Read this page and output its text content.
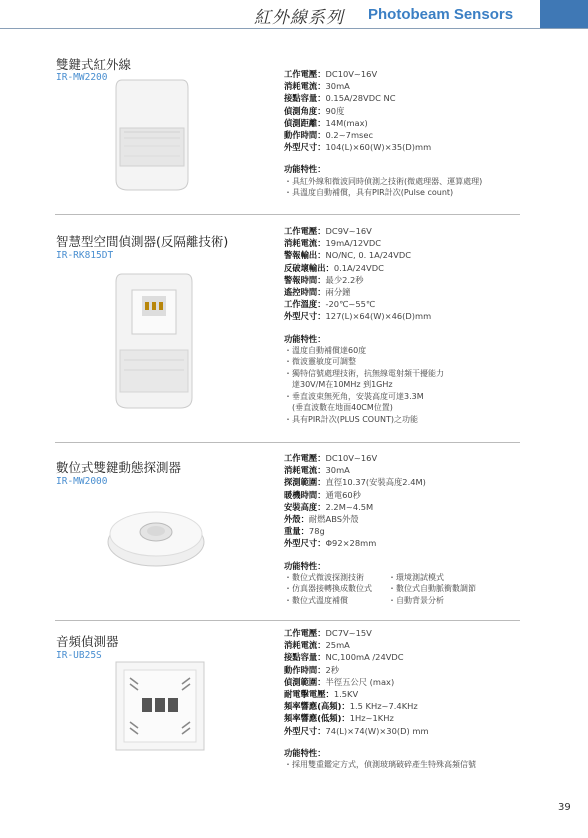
紅外線系列 Photobeam Sensors
雙鍵式紅外線
IR-MW2200	工作電壓：DC10V~16V
消耗電流：30mA
接點容量：0.15A/28VDC NC
偵測角度：90度
偵測距離：14M(max)
動作時間：0.2~7msec
外型尺寸：104(L)×60(W)×35(D)mm
功能特性：
・具紅外線和微波同時偵測之技術(微處理器、運算處理)
・具溫度自動補償，具有PIR計次(Pulse count)
智慧型空間偵測器(反隔離技術)
IR-RK815DT
工作電壓：DC9V~16V
消耗電流：19mA/12VDC
警報輸出：NO/NC, 0. 1A/24VDC
反破壞輸出：0.1A/24VDC
警報時間：最少2.2秒
遙控時間：兩分鐘
工作溫度：-20℃~55℃
外型尺寸：127(L)×64(W)×46(D)mm
功能特性：
・溫度自動補償達60度
・微波靈敏度可調整
・獨特信號處理技術，抗無線電射頻干擾能力
　達30V/M在10MHz 到1GHz
・垂直波束無死角，安裝高度可達3.3M
　(垂直波數在地面40CM位置)
・具有PIR計次(PLUS COUNT)之功能
數位式雙鍵動態探測器
IR-MW2000
工作電壓：DC10V~16V
消耗電流：30mA
探測範圍：直徑10.37(安裝高度2.4M)
暖機時間：通電60秒
安裝高度：2.2M~4.5M
外殼：耐燃ABS外殼
重量：78g
外型尺寸：Φ92×28mm
功能特性：
・數位式微波探測技術	・環境測試模式
・仿真器接轉換成數位式	・數位式自動脈衝數調節
・數位式溫度補償	・自動背景分析
音頻偵測器
IR-UB25S
工作電壓：DC7V~15V
消耗電流：25mA
接點容量：NC,100mA /24VDC
動作時間：2秒
偵測範圍：半徑五公尺 (max)
耐電擊電壓：1.5KV
頻率響應(高頻)：1.5 KHz~7.4KHz
頻率響應(低頻)：1Hz~1KHz
外型尺寸：74(L)×74(W)×30(D) mm
功能特性：
・採用雙重鑑定方式，偵測玻璃破碎產生特殊高頻信號
39
